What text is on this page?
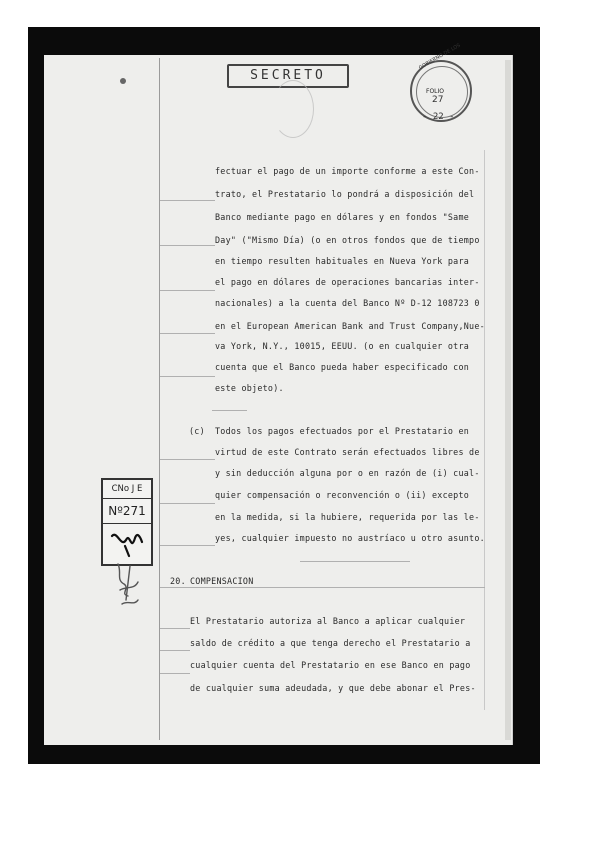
SECRETO
GOBIERNO DE LOS
FOLIO
27
- 22 -
fectuar el pago de un importe conforme a este Con-
trato, el Prestatario lo pondrá a disposición del
Banco mediante pago en dólares y en fondos "Same
Day" ("Mismo Día) (o en otros fondos que de tiempo
en tiempo resulten habituales en Nueva York para
el pago en dólares de operaciones bancarias inter-
nacionales) a la cuenta del Banco Nº D-12 108723 0
en el European American Bank and Trust Company,Nue-
va York, N.Y., 10015, EEUU. (o en cualquier otra
cuenta que el Banco pueda haber especificado con
este objeto).
(c) Todos los pagos efectuados por el Prestatario en
virtud de este Contrato serán efectuados libres de
y sin deducción alguna por o en razón de (i) cual-
quier compensación o reconvención o (ii) excepto
en la medida, si la hubiere, requerida por las le-
yes, cualquier impuesto no austríaco u otro asunto.
20. COMPENSACION
El Prestatario autoriza al Banco a aplicar cualquier
saldo de crédito a que tenga derecho el Prestatario a
cualquier cuenta del Prestatario en ese Banco en pago
de cualquier suma adeudada, y que debe abonar el Pres-
CNo J E
Nº271
